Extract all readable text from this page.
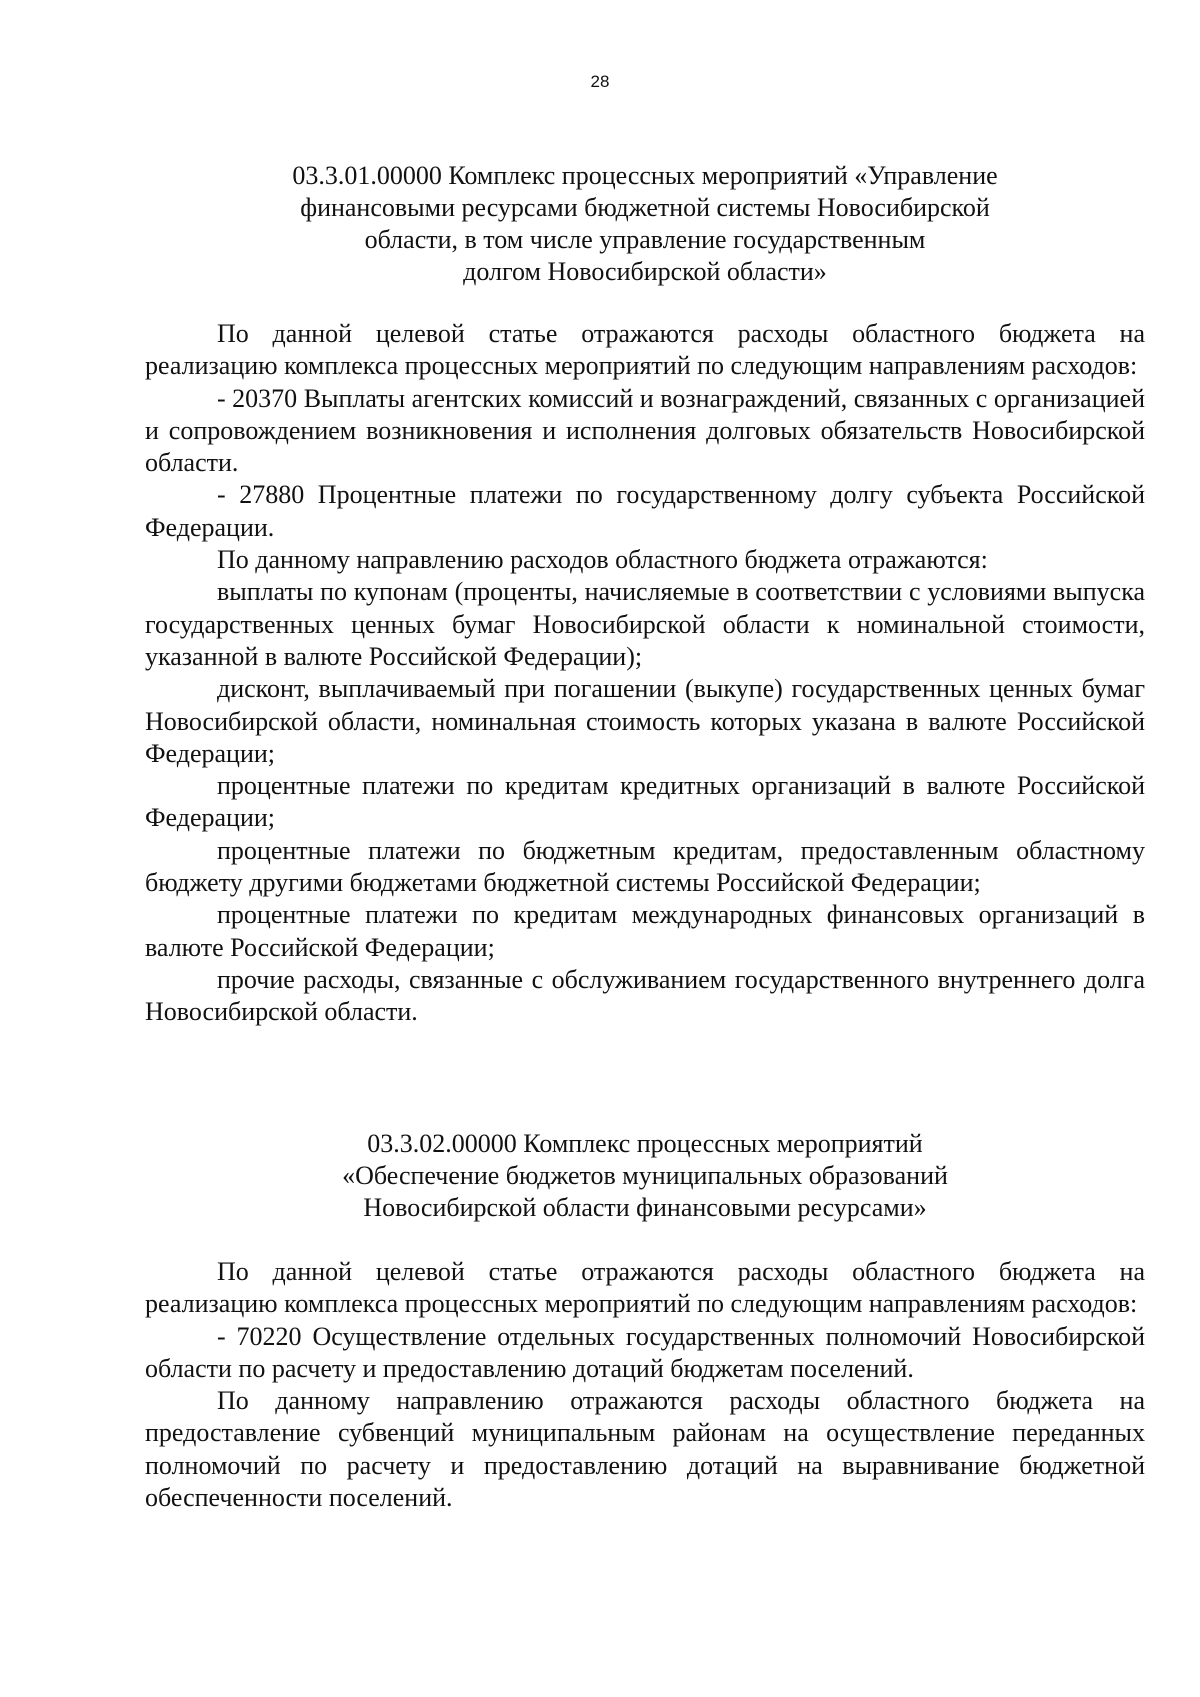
28
03.3.01.00000 Комплекс процессных мероприятий «Управление
финансовыми ресурсами бюджетной системы Новосибирской
области, в том числе управление государственным
долгом Новосибирской области»

По данной целевой статье отражаются расходы областного бюджета на реализацию комплекса процессных мероприятий по следующим направлениям расходов:

- 20370 Выплаты агентских комиссий и вознаграждений, связанных с организацией и сопровождением возникновения и исполнения долговых обязательств Новосибирской области.

- 27880 Процентные платежи по государственному долгу субъекта Российской Федерации.

По данному направлению расходов областного бюджета отражаются:

выплаты по купонам (проценты, начисляемые в соответствии с условиями выпуска государственных ценных бумаг Новосибирской области к номинальной стоимости, указанной в валюте Российской Федерации);

дисконт, выплачиваемый при погашении (выкупе) государственных ценных бумаг Новосибирской области, номинальная стоимость которых указана в валюте Российской Федерации;

процентные платежи по кредитам кредитных организаций в валюте Российской Федерации;

процентные платежи по бюджетным кредитам, предоставленным областному бюджету другими бюджетами бюджетной системы Российской Федерации;

процентные платежи по кредитам международных финансовых организаций в валюте Российской Федерации;

прочие расходы, связанные с обслуживанием государственного внутреннего долга Новосибирской области.

03.3.02.00000 Комплекс процессных мероприятий
«Обеспечение бюджетов муниципальных образований
Новосибирской области финансовыми ресурсами»

По данной целевой статье отражаются расходы областного бюджета на реализацию комплекса процессных мероприятий по следующим направлениям расходов:

- 70220 Осуществление отдельных государственных полномочий Новосибирской области по расчету и предоставлению дотаций бюджетам поселений.

По данному направлению отражаются расходы областного бюджета на предоставление субвенций муниципальным районам на осуществление переданных полномочий по расчету и предоставлению дотаций на выравнивание бюджетной обеспеченности поселений.
